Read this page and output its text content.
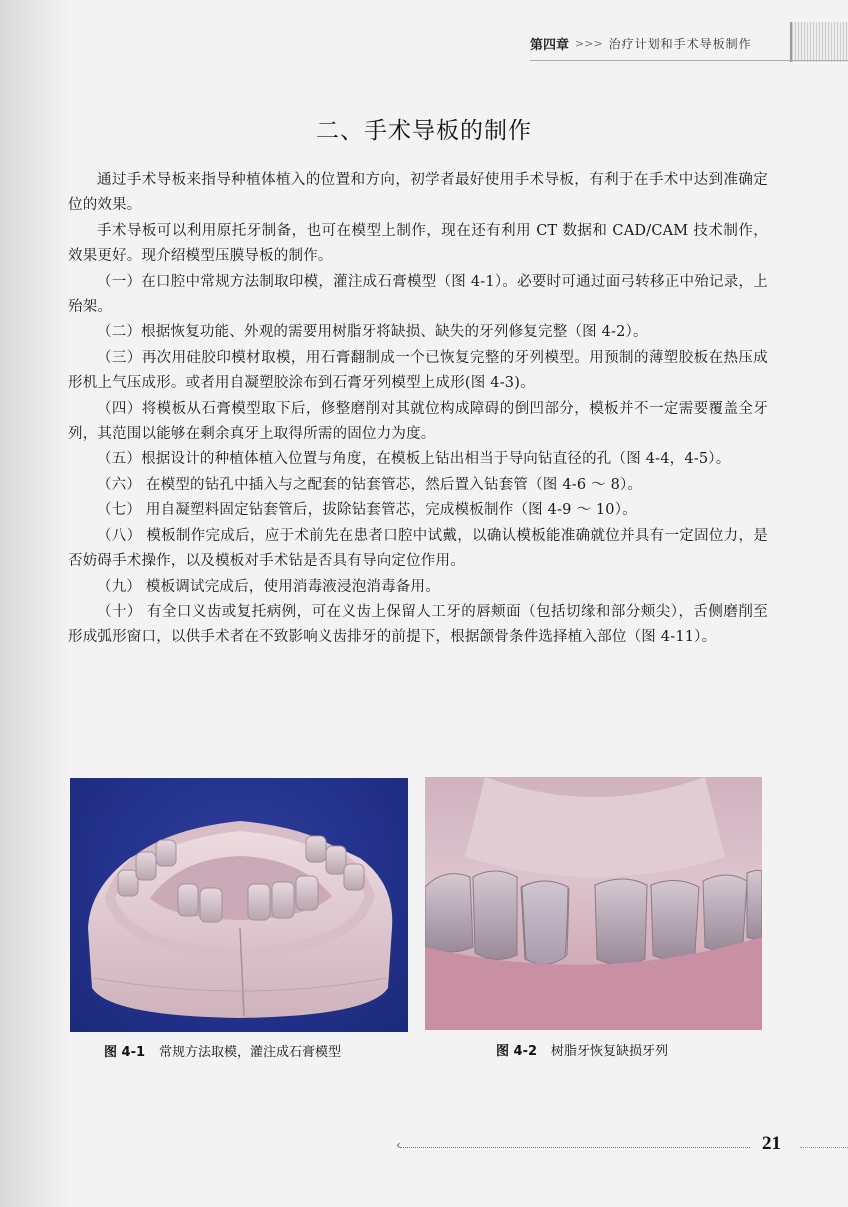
第四章 >>> 治疗计划和手术导板制作
二、手术导板的制作

通过手术导板来指导种植体植入的位置和方向，初学者最好使用手术导板，有利于在手术中达到准确定位的效果。

手术导板可以利用原托牙制备，也可在模型上制作，现在还有利用 CT 数据和 CAD/CAM 技术制作，效果更好。现介绍模型压膜导板的制作。

（一）在口腔中常规方法制取印模，灌注成石膏模型（图 4-1）。必要时可通过面弓转移正中殆记录，上殆架。

（二）根据恢复功能、外观的需要用树脂牙将缺损、缺失的牙列修复完整（图 4-2）。

（三）再次用硅胶印模材取模，用石膏翻制成一个已恢复完整的牙列模型。用预制的薄塑胶板在热压成形机上气压成形。或者用自凝塑胶涂布到石膏牙列模型上成形(图 4-3)。

（四）将模板从石膏模型取下后，修整磨削对其就位构成障碍的倒凹部分，模板并不一定需要覆盖全牙列，其范围以能够在剩余真牙上取得所需的固位力为度。

（五）根据设计的种植体植入位置与角度，在模板上钻出相当于导向钻直径的孔（图 4-4，4-5）。

（六） 在模型的钻孔中插入与之配套的钻套管芯，然后置入钻套管（图 4-6 ～ 8）。

（七） 用自凝塑料固定钻套管后，拔除钻套管芯，完成模板制作（图 4-9 ～ 10）。

（八） 模板制作完成后，应于术前先在患者口腔中试戴，以确认模板能准确就位并具有一定固位力，是否妨碍手术操作，以及模板对手术钻是否具有导向定位作用。

（九） 模板调试完成后，使用消毒液浸泡消毒备用。

（十） 有全口义齿或复托病例，可在义齿上保留人工牙的唇颊面（包括切缘和部分颊尖），舌侧磨削至形成弧形窗口，以供手术者在不致影响义齿排牙的前提下，根据颌骨条件选择植入部位（图 4-11）。

图 4-1 常规方法取模，灌注成石膏模型	图 4-2 树脂牙恢复缺损牙列
‹	21
